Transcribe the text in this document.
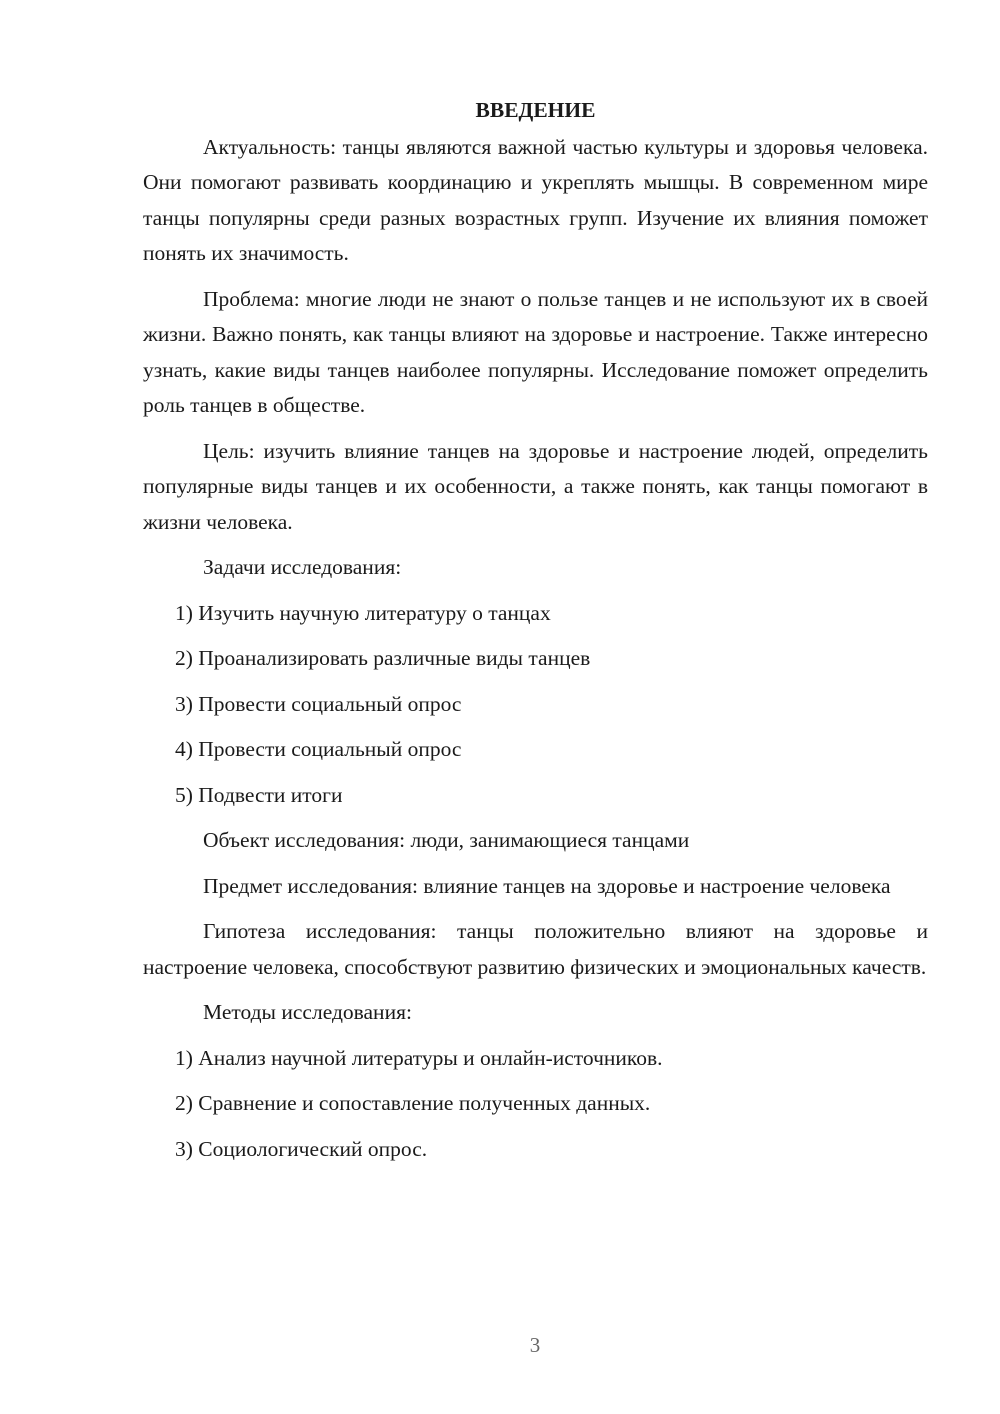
ВВЕДЕНИЕ

Актуальность: танцы являются важной частью культуры и здоровья человека. Они помогают развивать координацию и укреплять мышцы. В современном мире танцы популярны среди разных возрастных групп. Изучение их влияния поможет понять их значимость.

Проблема: многие люди не знают о пользе танцев и не используют их в своей жизни. Важно понять, как танцы влияют на здоровье и настроение. Также интересно узнать, какие виды танцев наиболее популярны. Исследование поможет определить роль танцев в обществе.

Цель: изучить влияние танцев на здоровье и настроение людей, определить популярные виды танцев и их особенности, а также понять, как танцы помогают в жизни человека.

Задачи исследования:
1) Изучить научную литературу о танцах
2) Проанализировать различные виды танцев
3) Провести социальный опрос
4) Провести социальный опрос
5) Подвести итоги
Объект исследования: люди, занимающиеся танцами

Предмет исследования: влияние танцев на здоровье и настроение человека

Гипотеза исследования: танцы положительно влияют на здоровье и настроение человека, способствуют развитию физических и эмоциональных качеств.

Методы исследования:
1) Анализ научной литературы и онлайн-источников.
2) Сравнение и сопоставление полученных данных.
3) Социологический опрос.
3
